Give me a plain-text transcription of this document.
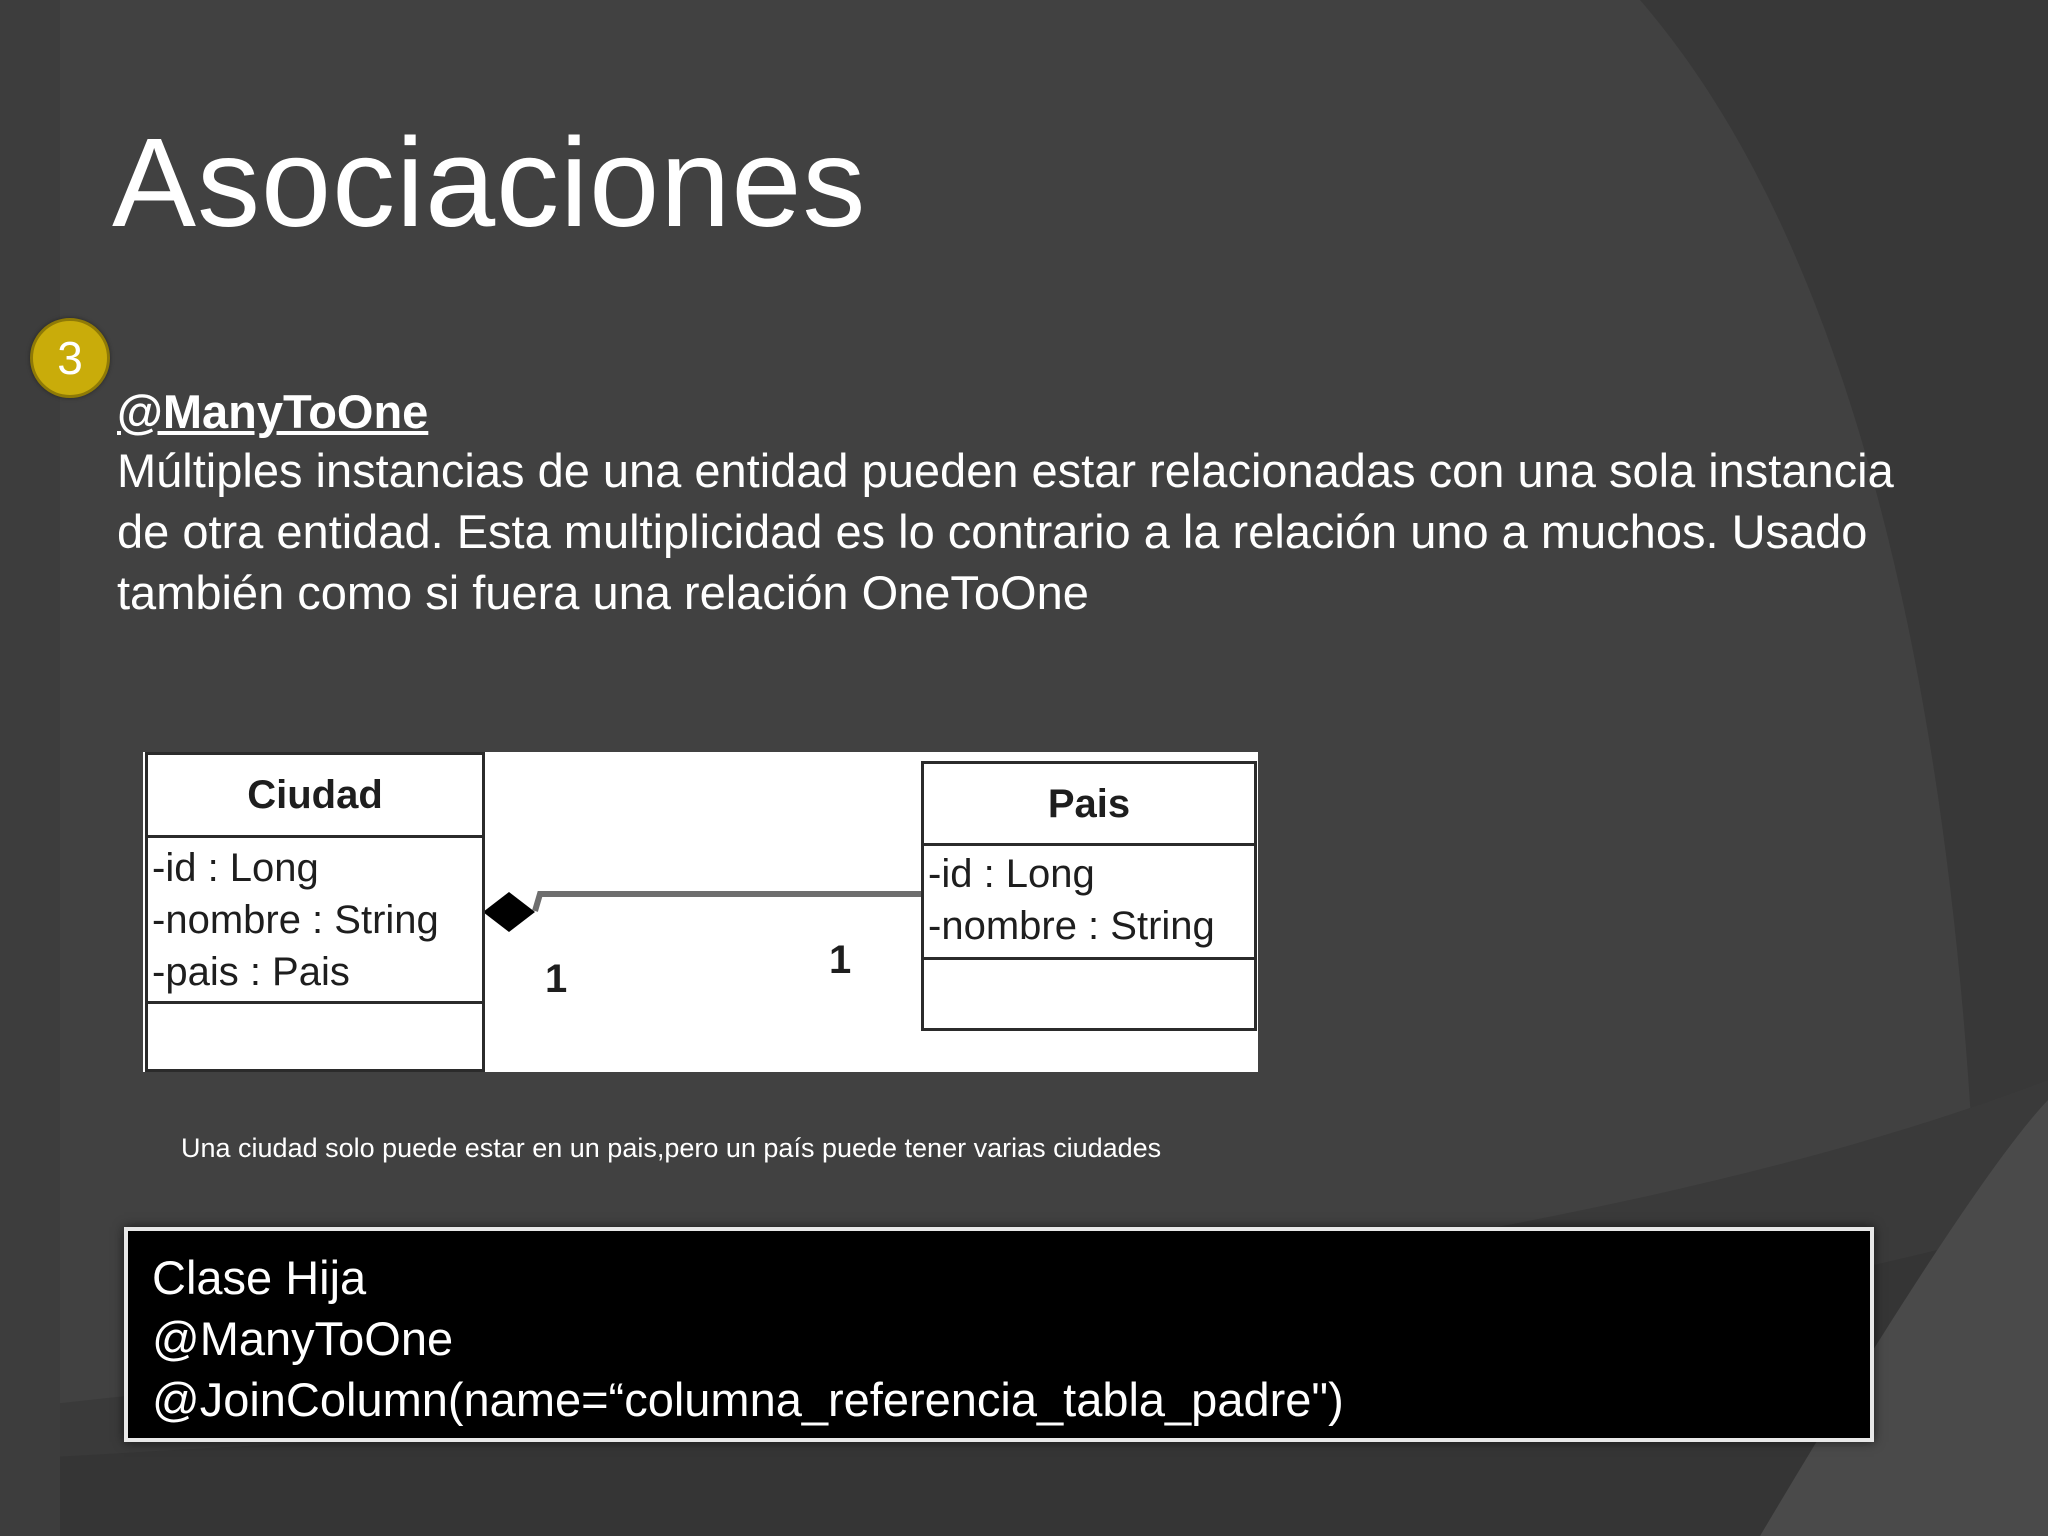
Asociaciones
3
@ManyToOne

Múltiples instancias de una entidad pueden estar relacionadas con una sola instancia de otra entidad. Esta multiplicidad es lo contrario a la relación uno a muchos. Usado también como si fuera una relación OneToOne

Ciudad
-id : Long
-nombre : String
-pais : Pais
Pais
-id : Long
-nombre : String
1	1
Una ciudad solo puede estar en un pais,pero un país puede tener varias ciudades
Clase Hija
@ManyToOne
@JoinColumn(name=“columna_referencia_tabla_padre")
